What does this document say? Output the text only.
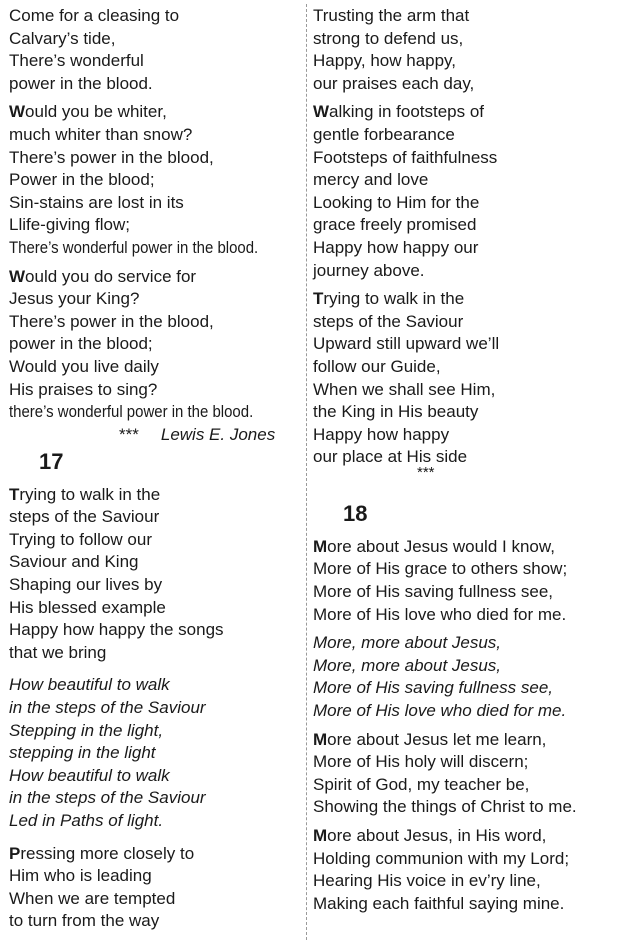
Come for a cleasing to
Calvary’s tide,
There’s wonderful
power in the blood.
Would you be whiter,
much whiter than snow?
There’s power in the blood,
Power in the blood;
Sin-stains are lost in its
Llife-giving flow;
There’s wonderful power in the blood.
Would you do service for
Jesus your King?
There’s power in the blood,
power in the blood;
Would you live daily
His praises to sing?
there’s wonderful power in the blood.
*** Lewis E. Jones
17
Trying to walk in the
steps of the Saviour
Trying to follow our
Saviour and King
Shaping our lives by
His blessed example
Happy how happy the songs
that we bring
How beautiful to walk
in the steps of the Saviour
Stepping in the light,
stepping in the light
How beautiful to walk
in the steps of the Saviour
Led in Paths of light.
Pressing more closely to
Him who is leading
When we are tempted
to turn from the way
Trusting the arm that
strong to defend us,
Happy, how happy,
our praises each day,
Walking in footsteps of
gentle forbearance
Footsteps of faithfulness
mercy and love
Looking to Him for the
grace freely promised
Happy how happy our
journey above.
Trying to walk in the
steps of the Saviour
Upward still upward we’ll
follow our Guide,
When we shall see Him,
the King in His beauty
Happy how happy
our place at His side
***
18
More about Jesus would I know,
More of His grace to others show;
More of His saving fullness see,
More of His love who died for me.
More, more about Jesus,
More, more about Jesus,
More of His saving fullness see,
More of His love who died for me.
More about Jesus let me learn,
More of His holy will discern;
Spirit of God, my teacher be,
Showing the things of Christ to me.
More about Jesus, in His word,
Holding communion with my Lord;
Hearing His voice in ev’ry line,
Making each faithful saying mine.
